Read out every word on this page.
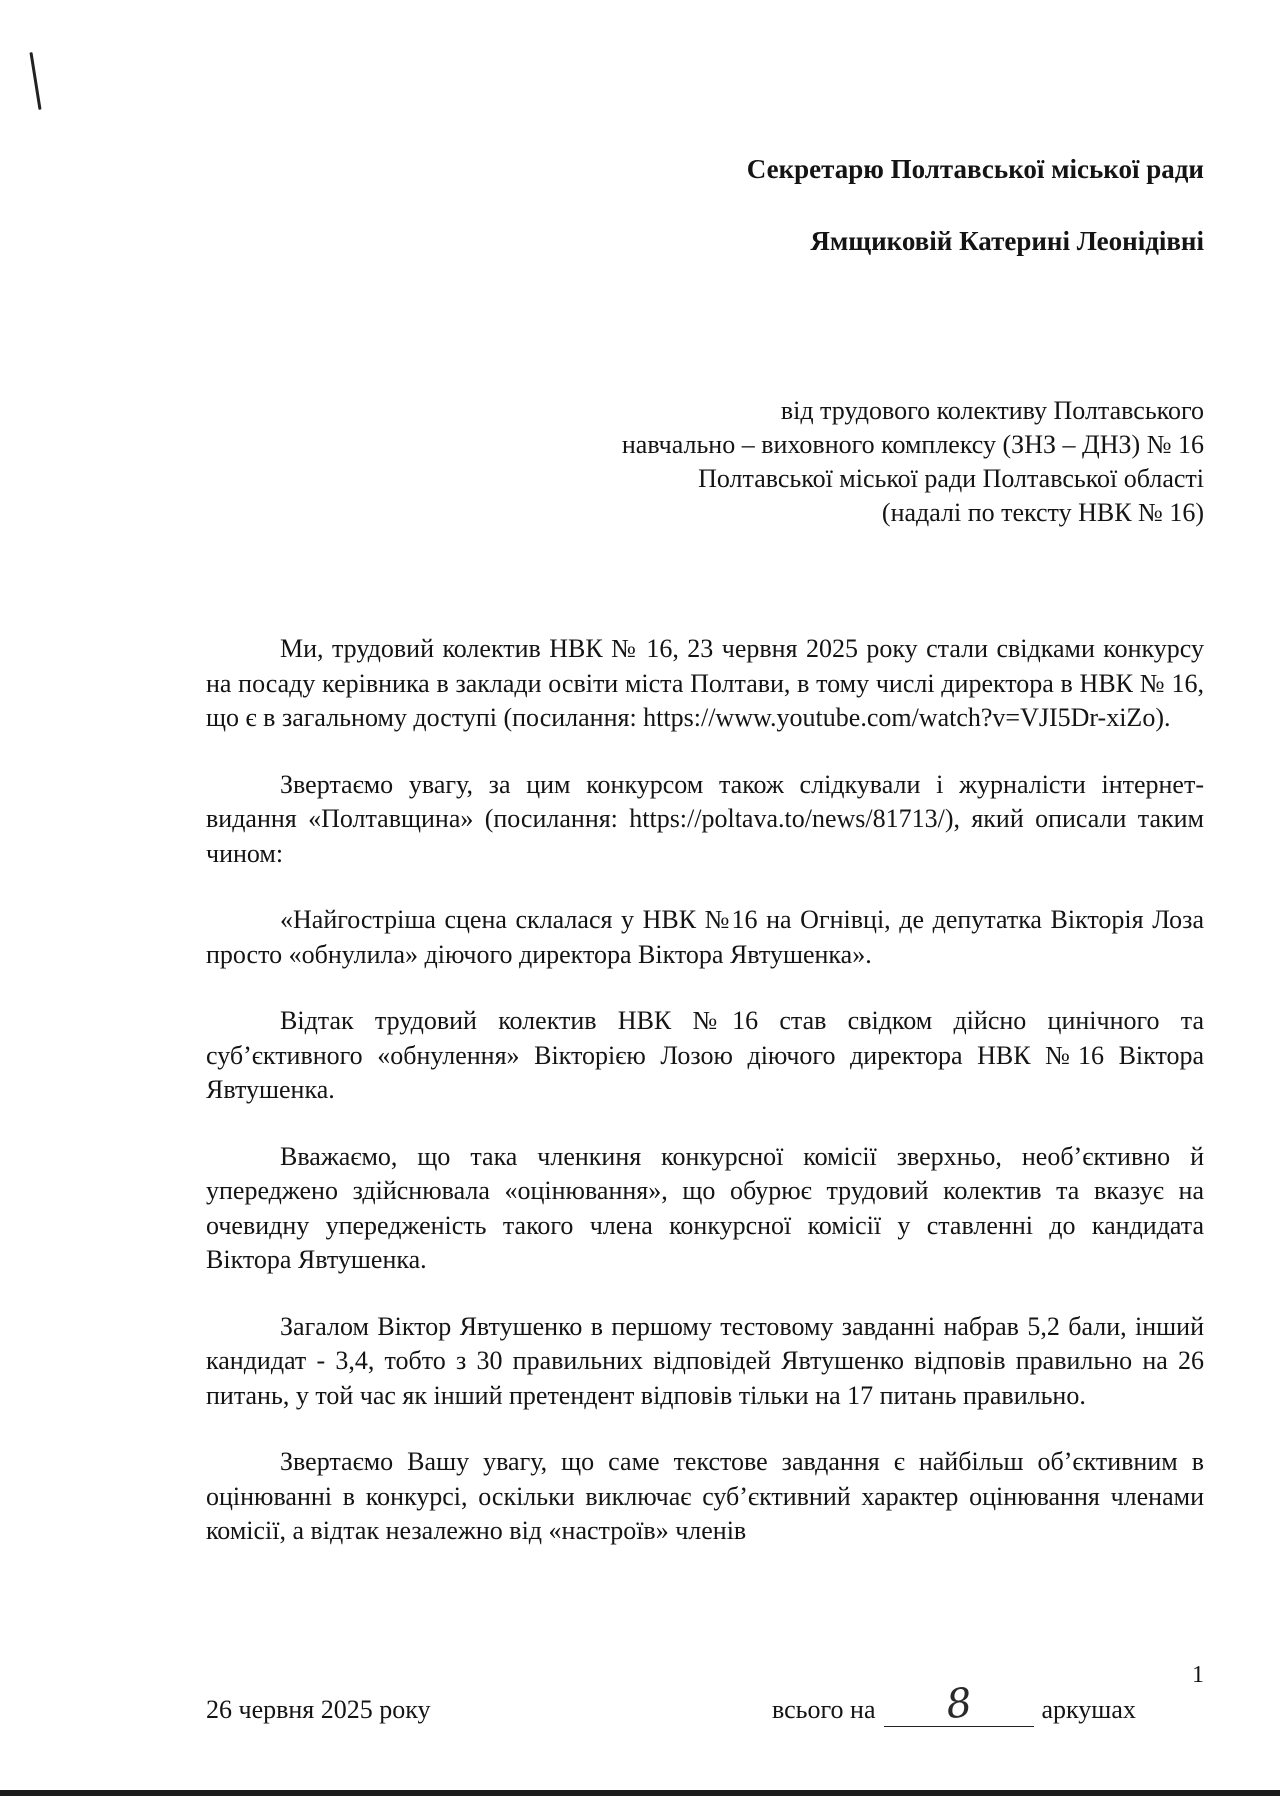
Секретарю Полтавської міської ради
Ямщиковій Катерині Леонідівні
від трудового колективу Полтавського
навчально – виховного комплексу (ЗНЗ – ДНЗ) № 16
Полтавської міської ради Полтавської області
(надалі по тексту НВК № 16)

Ми, трудовий колектив НВК № 16, 23 червня 2025 року стали свідками конкурсу на посаду керівника в заклади освіти міста Полтави, в тому числі директора в НВК № 16, що є в загальному доступі (посилання: https://www.youtube.com/watch?v=VJI5Dr-xiZo).

Звертаємо увагу, за цим конкурсом також слідкували і журналісти інтернет-видання «Полтавщина» (посилання: https://poltava.to/news/81713/), який описали таким чином:

«Найгостріша сцена склалася у НВК №16 на Огнівці, де депутатка Вікторія Лоза просто «обнулила» діючого директора Віктора Явтушенка».

Відтак трудовий колектив НВК №16 став свідком дійсно цинічного та суб’єктивного «обнулення» Вікторією Лозою діючого директора НВК №16 Віктора Явтушенка.

Вважаємо, що така членкиня конкурсної комісії зверхньо, необ’єктивно й упереджено здійснювала «оцінювання», що обурює трудовий колектив та вказує на очевидну упередженість такого члена конкурсної комісії у ставленні до кандидата Віктора Явтушенка.

Загалом Віктор Явтушенко в першому тестовому завданні набрав 5,2 бали, інший кандидат - 3,4, тобто з 30 правильних відповідей Явтушенко відповів правильно на 26 питань, у той час як інший претендент відповів тільки на 17 питань правильно.

Звертаємо Вашу увагу, що саме текстове завдання є найбільш об’єктивним в оцінюванні в конкурсі, оскільки виключає суб’єктивний характер оцінювання членами комісії, а відтак незалежно від «настроїв» членів

1
26 червня 2025 року	всього на 8	аркушах
